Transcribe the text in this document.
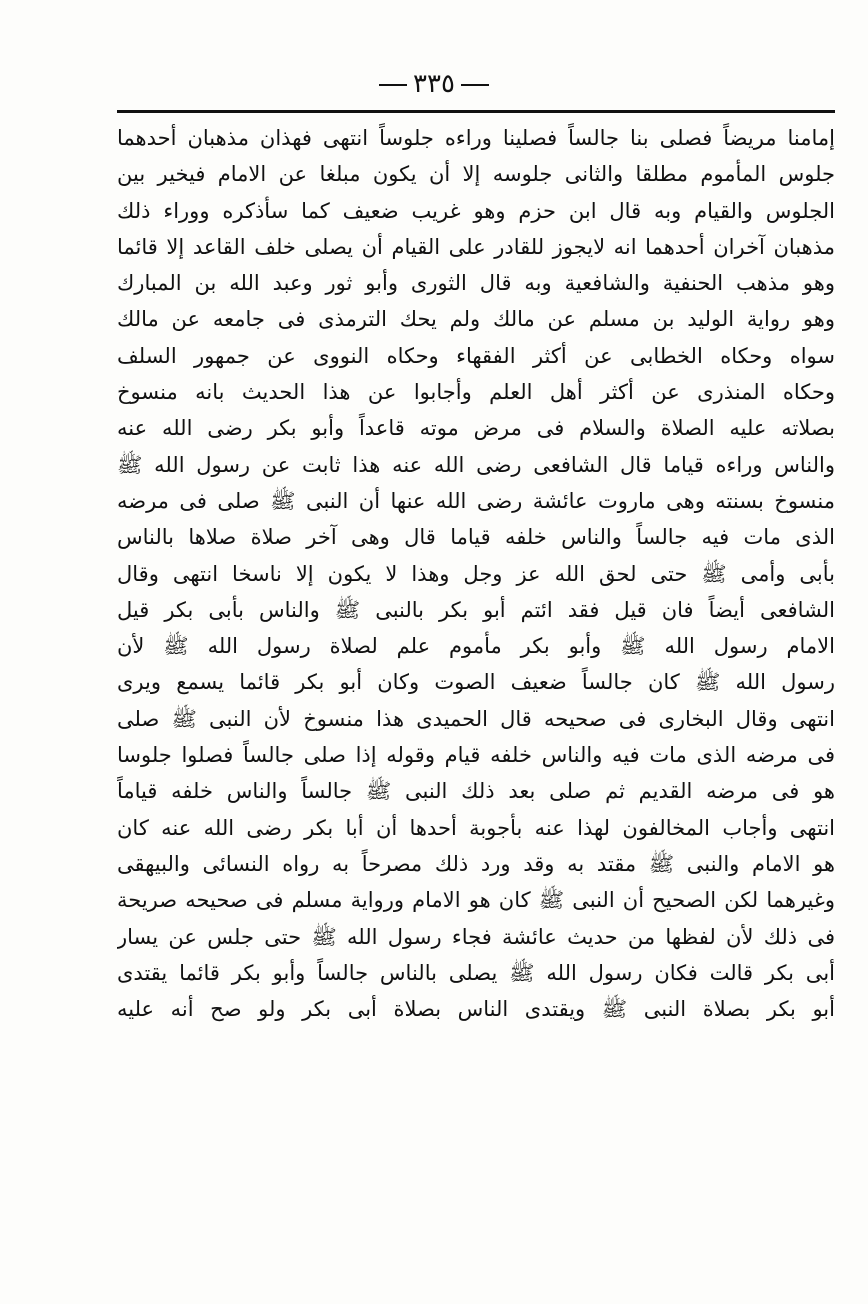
٣٣٥
إمامنا مريضاً فصلى بنا جالساً فصلينا وراءه جلوساً انتهى فهذان مذهبان أحدهما
جلوس المأموم مطلقا والثانى جلوسه إلا أن يكون مبلغا عن الامام فيخير بين
الجلوس والقيام وبه قال ابن حزم وهو غريب ضعيف كما سأذكره ووراء ذلك
مذهبان آخران أحدهما انه لايجوز للقادر على القيام أن يصلى خلف القاعد إلا قائما
وهو مذهب الحنفية والشافعية وبه قال الثورى وأبو ثور وعبد الله بن المبارك
وهو رواية الوليد بن مسلم عن مالك ولم يحك الترمذى فى جامعه عن مالك
سواه وحكاه الخطابى عن أكثر الفقهاء وحكاه النووى عن جمهور السلف
وحكاه المنذرى عن أكثر أهل العلم وأجابوا عن هذا الحديث بانه منسوخ
بصلاته عليه الصلاة والسلام فى مرض موته قاعداً وأبو بكر رضى الله عنه
والناس وراءه قياما قال الشافعى رضى الله عنه هذا ثابت عن رسول الله ﷺ
منسوخ بسنته وهى ماروت عائشة رضى الله عنها أن النبى ﷺ صلى فى مرضه
الذى مات فيه جالساً والناس خلفه قياما قال وهى آخر صلاة صلاها بالناس
بأبى وأمى ﷺ حتى لحق الله عز وجل وهذا لا يكون إلا ناسخا انتهى وقال
الشافعى أيضاً فان قيل فقد ائتم أبو بكر بالنبى ﷺ والناس بأبى بكر قيل
الامام رسول الله ﷺ وأبو بكر مأموم علم لصلاة رسول الله ﷺ لأن
رسول الله ﷺ كان جالساً ضعيف الصوت وكان أبو بكر قائما يسمع ويرى
انتهى وقال البخارى فى صحيحه قال الحميدى هذا منسوخ لأن النبى ﷺ صلى
فى مرضه الذى مات فيه والناس خلفه قيام وقوله إذا صلى جالساً فصلوا جلوسا
هو فى مرضه القديم ثم صلى بعد ذلك النبى ﷺ جالساً والناس خلفه قياماً
انتهى وأجاب المخالفون لهذا عنه بأجوبة أحدها أن أبا بكر رضى الله عنه كان
هو الامام والنبى ﷺ مقتد به وقد ورد ذلك مصرحاً به رواه النسائى والبيهقى
وغيرهما لكن الصحيح أن النبى ﷺ كان هو الامام ورواية مسلم فى صحيحه صريحة
فى ذلك لأن لفظها من حديث عائشة فجاء رسول الله ﷺ حتى جلس عن يسار
أبى بكر قالت فكان رسول الله ﷺ يصلى بالناس جالساً وأبو بكر قائما يقتدى
أبو بكر بصلاة النبى ﷺ ويقتدى الناس بصلاة أبى بكر ولو صح أنه عليه
